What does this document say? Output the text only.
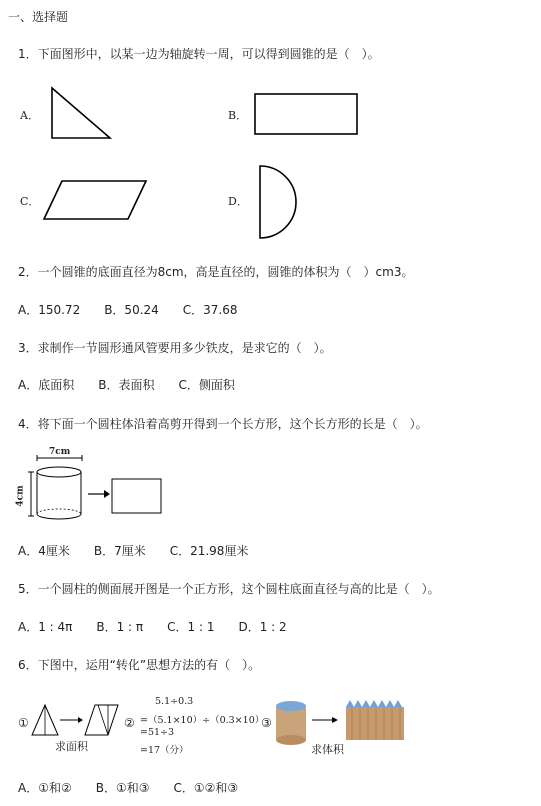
一、选择题
1．下面图形中，以某一边为轴旋转一周，可以得到圆锥的是（　）。
A．	B．
C．	D．
2．一个圆锥的底面直径为8cm，高是直径的，圆锥的体积为（　）cm3。
A．150.72　　B．50.24　　C．37.68
3．求制作一节圆形通风管要用多少铁皮，是求它的（　）。
A．底面积　　B．表面积　　C．侧面积
4．将下面一个圆柱体沿着高剪开得到一个长方形，这个长方形的长是（　）。
7cm
4cm
A．4厘米　　B．7厘米　　C．21.98厘米
5．一个圆柱的侧面展开图是一个正方形，这个圆柱底面直径与高的比是（　）。
A．1 : 4π　　B．1 : π　　C．1 : 1　　D．1 : 2
6．下图中，运用“转化”思想方法的有（　）。
①
求面积
②
5.1÷0.3
=（5.1×10）÷（0.3×10）
=51÷3
=17（分）
③
求体积
A．①和②　　B．①和③　　C．①②和③
